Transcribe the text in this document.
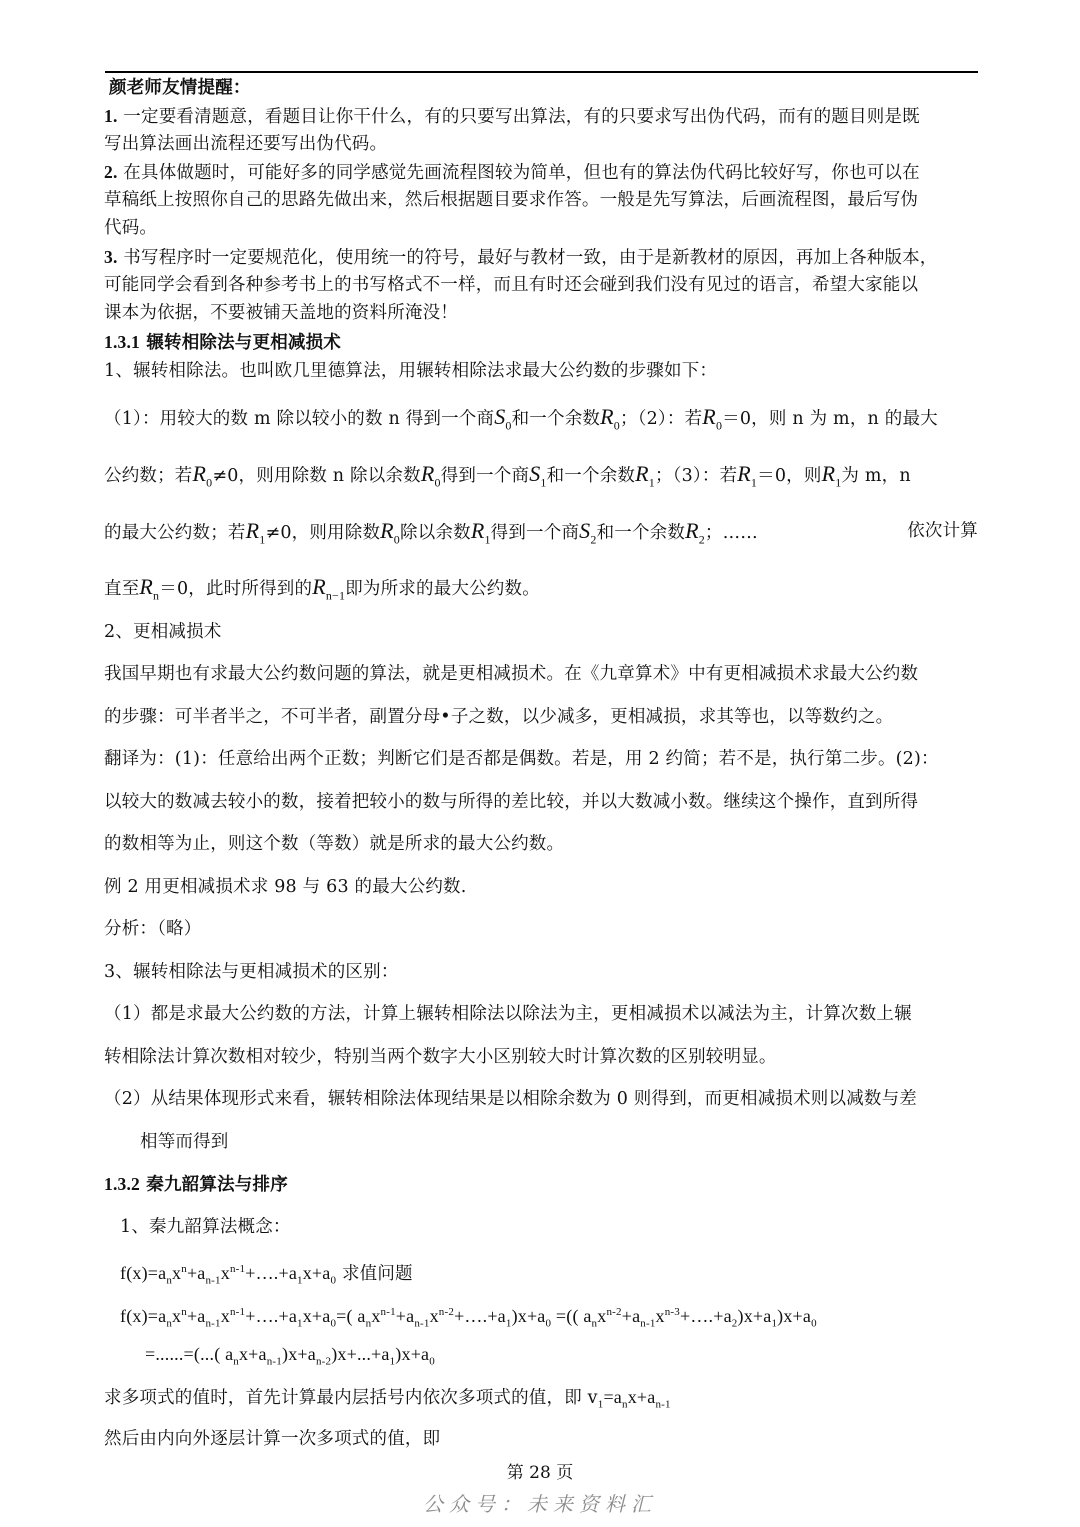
颜老师友情提醒：
1. 一定要看清题意，看题目让你干什么，有的只要写出算法，有的只要求写出伪代码，而有的题目则是既
写出算法画出流程还要写出伪代码。
2. 在具体做题时，可能好多的同学感觉先画流程图较为简单，但也有的算法伪代码比较好写，你也可以在
草稿纸上按照你自己的思路先做出来，然后根据题目要求作答。一般是先写算法，后画流程图，最后写伪
代码。
3. 书写程序时一定要规范化，使用统一的符号，最好与教材一致，由于是新教材的原因，再加上各种版本，
可能同学会看到各种参考书上的书写格式不一样，而且有时还会碰到我们没有见过的语言，希望大家能以
课本为依据，不要被铺天盖地的资料所淹没！
1.3.1 辗转相除法与更相减损术
1、辗转相除法。也叫欧几里德算法，用辗转相除法求最大公约数的步骤如下：
（1）：用较大的数 m 除以较小的数 n 得到一个商$S_0$和一个余数$R_0$；（2）：若$R_0=0$，则 n 为 m，n 的最大
公约数；若$R_0\ne 0$，则用除数 n 除以余数$R_0$得到一个商$S_1$和一个余数$R_1$；（3）：若$R_1=0$，则$R_1$为 m，n
的最大公约数；若$R_1\ne 0$，则用除数$R_0$除以余数$R_1$得到一个商$S_2$和一个余数$R_2$；……	依次计算
直至$R_n=0$，此时所得到的$R_{n-1}$即为所求的最大公约数。
2、更相减损术
我国早期也有求最大公约数问题的算法，就是更相减损术。在《九章算术》中有更相减损术求最大公约数
的步骤：可半者半之，不可半者，副置分母•子之数，以少减多，更相减损，求其等也，以等数约之。
翻译为：(1)：任意给出两个正数；判断它们是否都是偶数。若是，用 2 约简；若不是，执行第二步。(2)：
以较大的数减去较小的数，接着把较小的数与所得的差比较，并以大数减小数。继续这个操作，直到所得
的数相等为止，则这个数（等数）就是所求的最大公约数。
例 2 用更相减损术求 98 与 63 的最大公约数.
分析：（略）
3、辗转相除法与更相减损术的区别：
（1）都是求最大公约数的方法，计算上辗转相除法以除法为主，更相减损术以减法为主，计算次数上辗
转相除法计算次数相对较少，特别当两个数字大小区别较大时计算次数的区别较明显。
（2）从结果体现形式来看，辗转相除法体现结果是以相除余数为 0 则得到，而更相减损术则以减数与差
相等而得到
1.3.2 秦九韶算法与排序
1、秦九韶算法概念：
$f(x)=a_nx^n+a_{n-1}x^{n-1}+\dots.+a_1x+a_0$ 求值问题
$f(x)=a_nx^n+a_{n-1}x^{n-1}+\dots.+a_1x+a_0=$( $a_nx^{n-1}+a_{n-1}x^{n-2}+\dots.+a_1)x+a_0$ =(( $a_nx^{n-2}+a_{n-1}x^{n-3}+\dots.+a_2)x+a_1)x+a_0$
=......=(...( $a_nx+a_{n-1})x+a_{n-2})x+...+a_1)x+a_0$
求多项式的值时，首先计算最内层括号内依次多项式的值，即 $v_1=a_nx+a_{n-1}$
然后由内向外逐层计算一次多项式的值，即
第 28 页
公众号：未来资料汇
